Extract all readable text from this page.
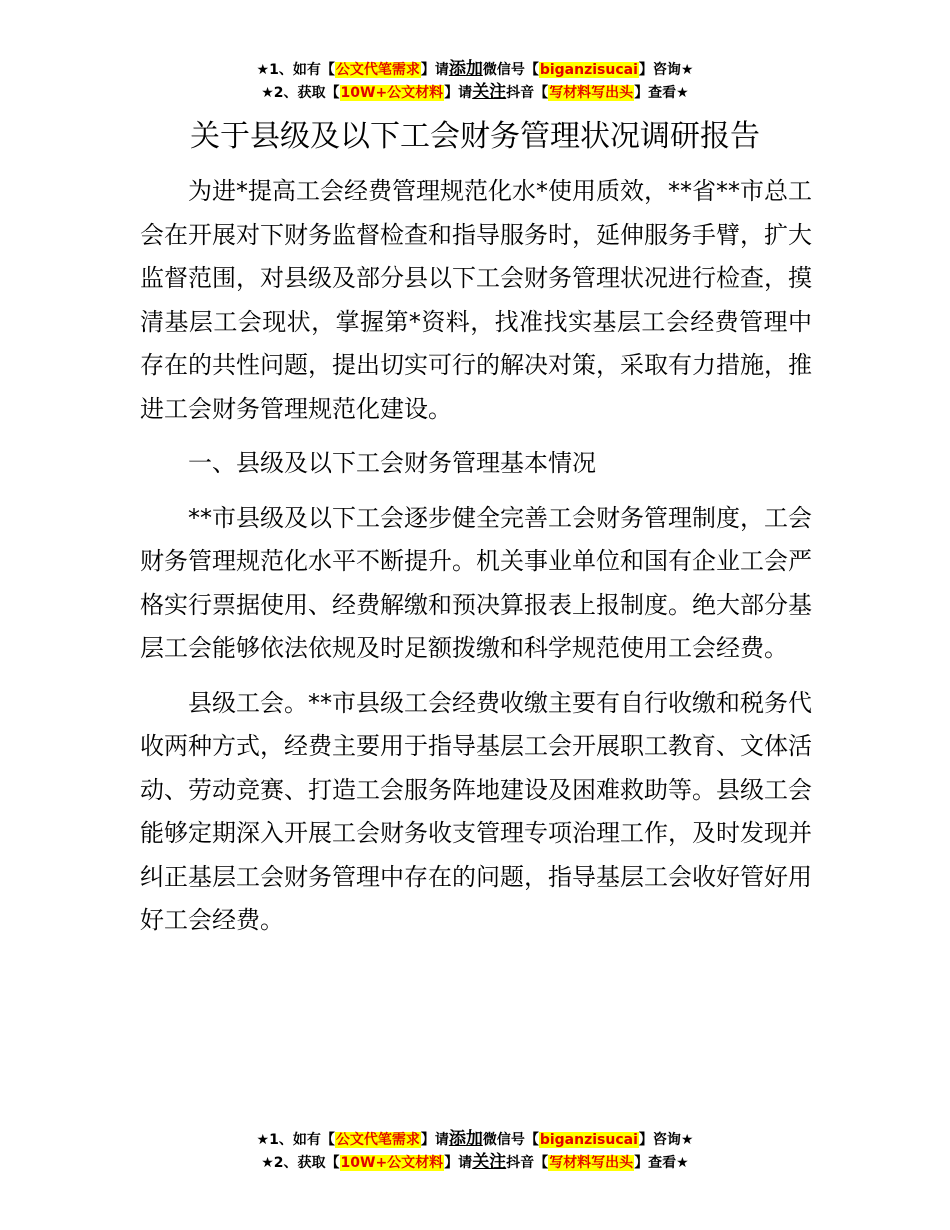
★1、如有【公文代笔需求】请添加微信号【biganzisucai】咨询★
★2、获取【10W+公文材料】请关注抖音【写材料写出头】查看★
关于县级及以下工会财务管理状况调研报告

为进*提高工会经费管理规范化水*使用质效，**省**市总工会在开展对下财务监督检查和指导服务时，延伸服务手臂，扩大监督范围，对县级及部分县以下工会财务管理状况进行检查，摸清基层工会现状，掌握第*资料，找准找实基层工会经费管理中存在的共性问题，提出切实可行的解决对策，采取有力措施，推进工会财务管理规范化建设。

一、县级及以下工会财务管理基本情况

**市县级及以下工会逐步健全完善工会财务管理制度，工会财务管理规范化水平不断提升。机关事业单位和国有企业工会严格实行票据使用、经费解缴和预决算报表上报制度。绝大部分基层工会能够依法依规及时足额拨缴和科学规范使用工会经费。

县级工会。**市县级工会经费收缴主要有自行收缴和税务代收两种方式，经费主要用于指导基层工会开展职工教育、文体活动、劳动竞赛、打造工会服务阵地建设及困难救助等。县级工会能够定期深入开展工会财务收支管理专项治理工作，及时发现并纠正基层工会财务管理中存在的问题，指导基层工会收好管好用好工会经费。

★1、如有【公文代笔需求】请添加微信号【biganzisucai】咨询★
★2、获取【10W+公文材料】请关注抖音【写材料写出头】查看★
